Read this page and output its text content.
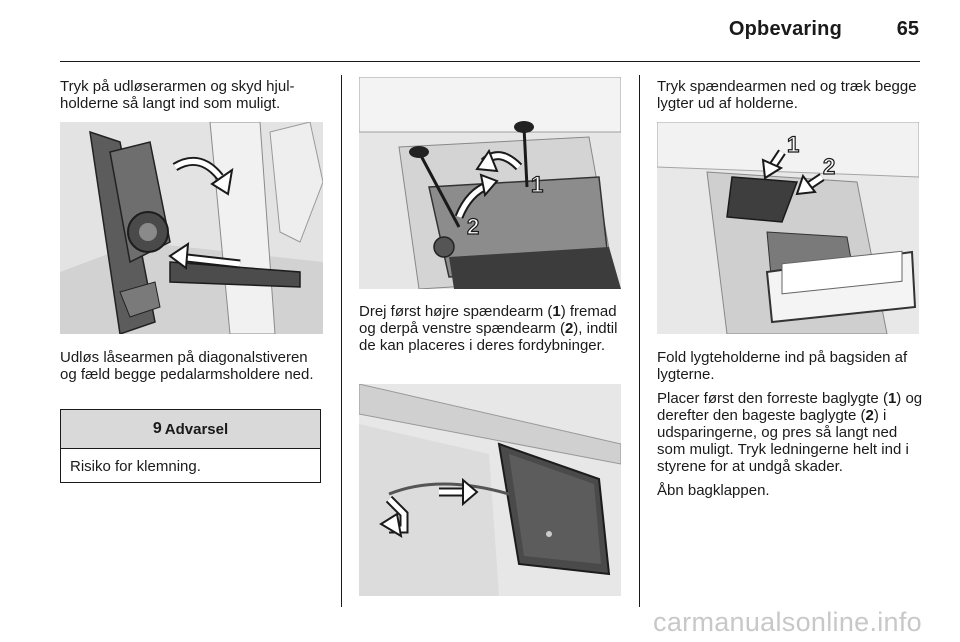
Opbevaring	65

Tryk på udløserarmen og skyd hjulholderne så langt ind som muligt.

Udløs låsearmen på diagonalstiveren og fæld begge pedalarmsholdere ned.

9 Advarsel
Risiko for klemning.
1
2

Drej først højre spændearm (1) fremad og derpå venstre spændearm (2), indtil de kan placeres i deres fordybninger.

Tryk spændearmen ned og træk begge lygter ud af holderne.

1
2

Fold lygteholderne ind på bagsiden af lygterne.

Placer først den forreste baglygte (1) og derefter den bageste baglygte (2) i udsparingerne, og pres så langt ned som muligt. Tryk ledningerne helt ind i styrene for at undgå skader.

Åbn bagklappen.

carmanualsonline.info
